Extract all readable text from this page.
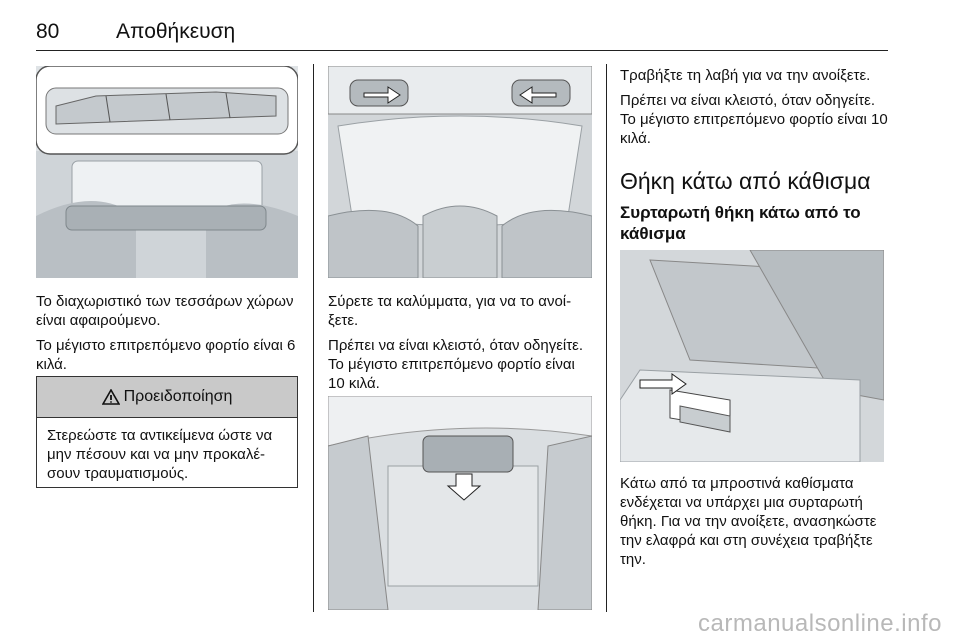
80	Αποθήκευση

Το διαχωριστικό των τεσσάρων χώρων είναι αφαιρούμενο.

Το μέγιστο επιτρεπόμενο φορτίο είναι 6 κιλά.

Προειδοποίηση
Στερεώστε τα αντικείμενα ώστε να μην πέσουν και να μην προκαλέσουν τραυματισμούς.

Σύρετε τα καλύμματα, για να το ανοίξετε.

Πρέπει να είναι κλειστό, όταν οδηγείτε. Το μέγιστο επιτρεπόμενο φορτίο είναι 10 κιλά.

Τραβήξτε τη λαβή για να την ανοίξετε.

Πρέπει να είναι κλειστό, όταν οδηγείτε. Το μέγιστο επιτρεπόμενο φορτίο είναι 10 κιλά.

Θήκη κάτω από κάθισμα
Συρταρωτή θήκη κάτω από το κάθισμα

Κάτω από τα μπροστινά καθίσματα ενδέχεται να υπάρχει μια συρταρωτή θήκη. Για να την ανοίξετε, ανασηκώστε την ελαφρά και στη συνέχεια τραβήξτε την.

carmanualsonline.info
